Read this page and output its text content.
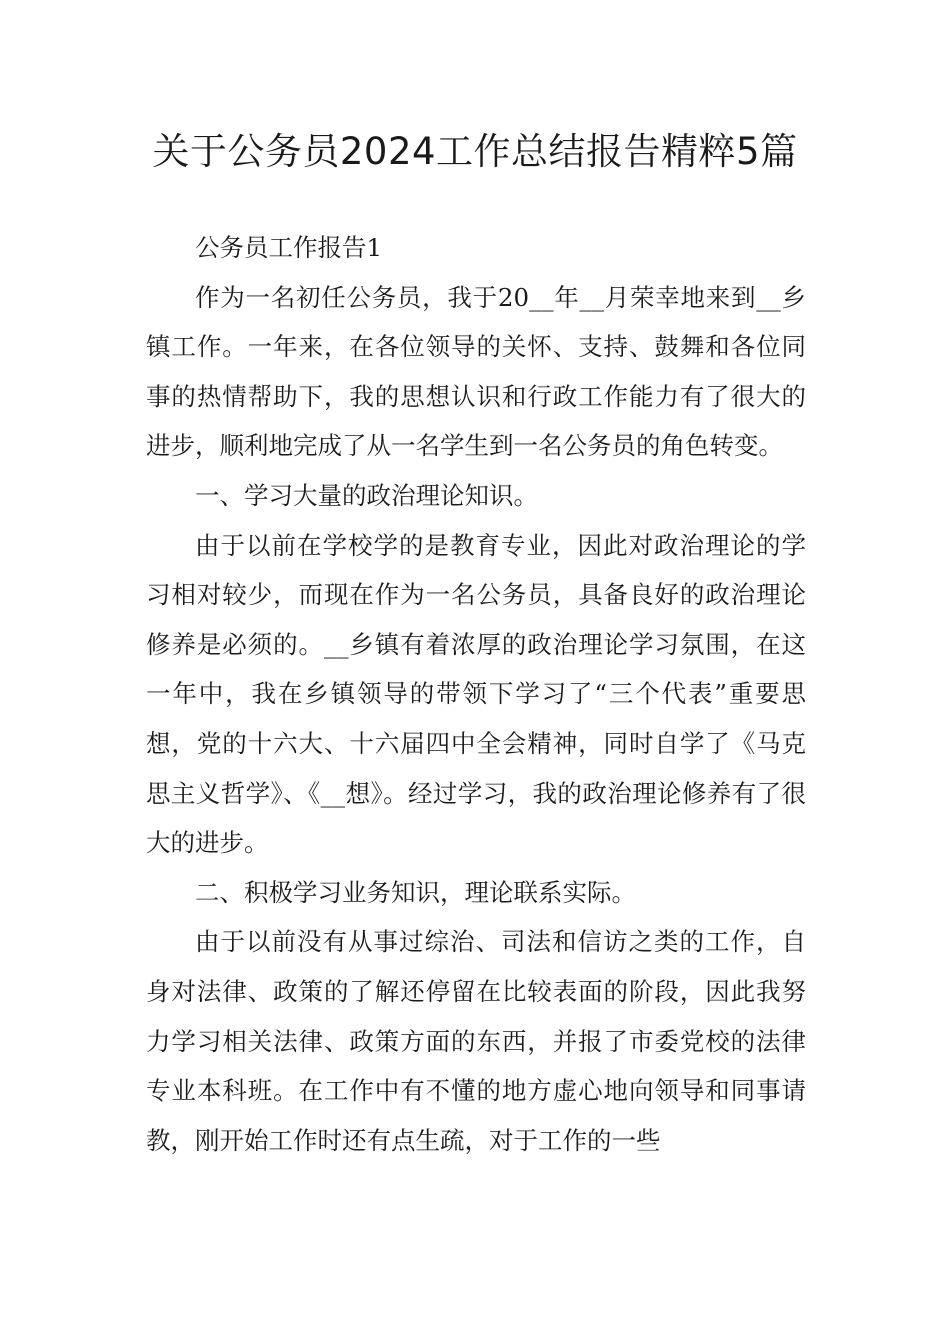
关于公务员2024工作总结报告精粹5篇

公务员工作报告1

作为一名初任公务员，我于20__年__月荣幸地来到__乡镇工作。一年来，在各位领导的关怀、支持、鼓舞和各位同事的热情帮助下，我的思想认识和行政工作能力有了很大的进步，顺利地完成了从一名学生到一名公务员的角色转变。

一、学习大量的政治理论知识。

由于以前在学校学的是教育专业，因此对政治理论的学习相对较少，而现在作为一名公务员，具备良好的政治理论修养是必须的。__乡镇有着浓厚的政治理论学习氛围，在这一年中，我在乡镇领导的带领下学习了“三个代表”重要思想，党的十六大、十六届四中全会精神，同时自学了《马克思主义哲学》、《__想》。经过学习，我的政治理论修养有了很大的进步。

二、积极学习业务知识，理论联系实际。

由于以前没有从事过综治、司法和信访之类的工作，自身对法律、政策的了解还停留在比较表面的阶段，因此我努力学习相关法律、政策方面的东西，并报了市委党校的法律专业本科班。在工作中有不懂的地方虚心地向领导和同事请教，刚开始工作时还有点生疏，对于工作的一些
